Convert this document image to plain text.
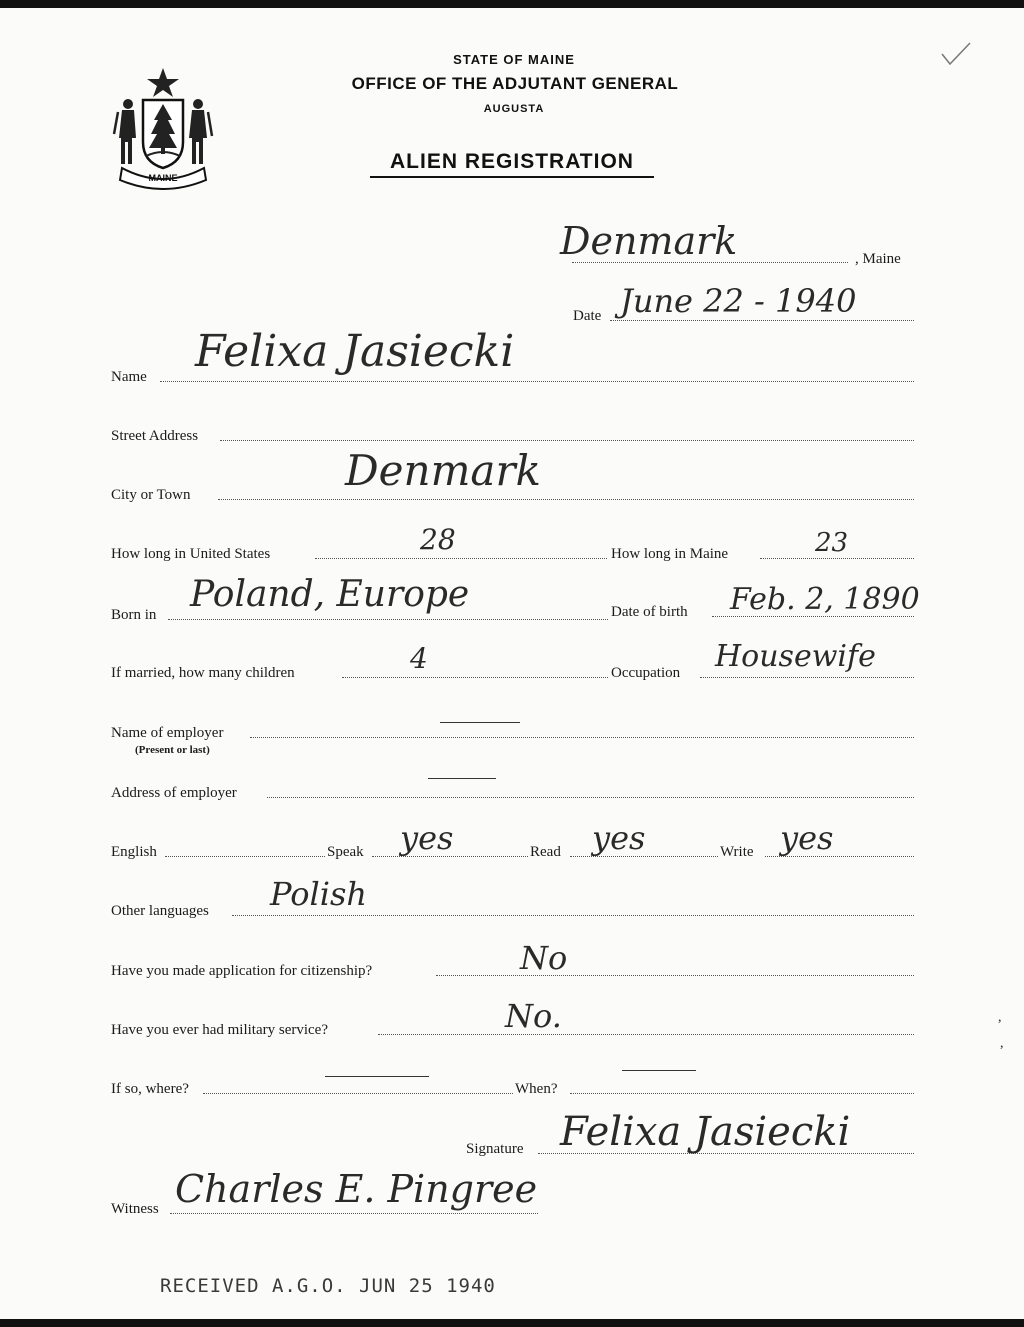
MAINE
STATE OF MAINE
OFFICE OF THE ADJUTANT GENERAL
AUGUSTA
ALIEN REGISTRATION
Denmark	, Maine
Date June 22 - 1940
Name Felixa Jasiecki
Street Address
City or Town	Denmark
How long in United States	28	How long in Maine	23
Born in Poland, Europe	Date of birth Feb. 2, 1890
If married, how many children	4	Occupation Housewife
Name of employer
(Present or last)
Address of employer
English	Speak yes	Read yes	Write yes
Other languages Polish
Have you made application for citizenship?	No
Have you ever had military service?	No.
If so, where?	When?
Signature Felixa Jasiecki
Witness Charles E. Pingree
RECEIVED A.G.O. JUN 25 1940
,
,
